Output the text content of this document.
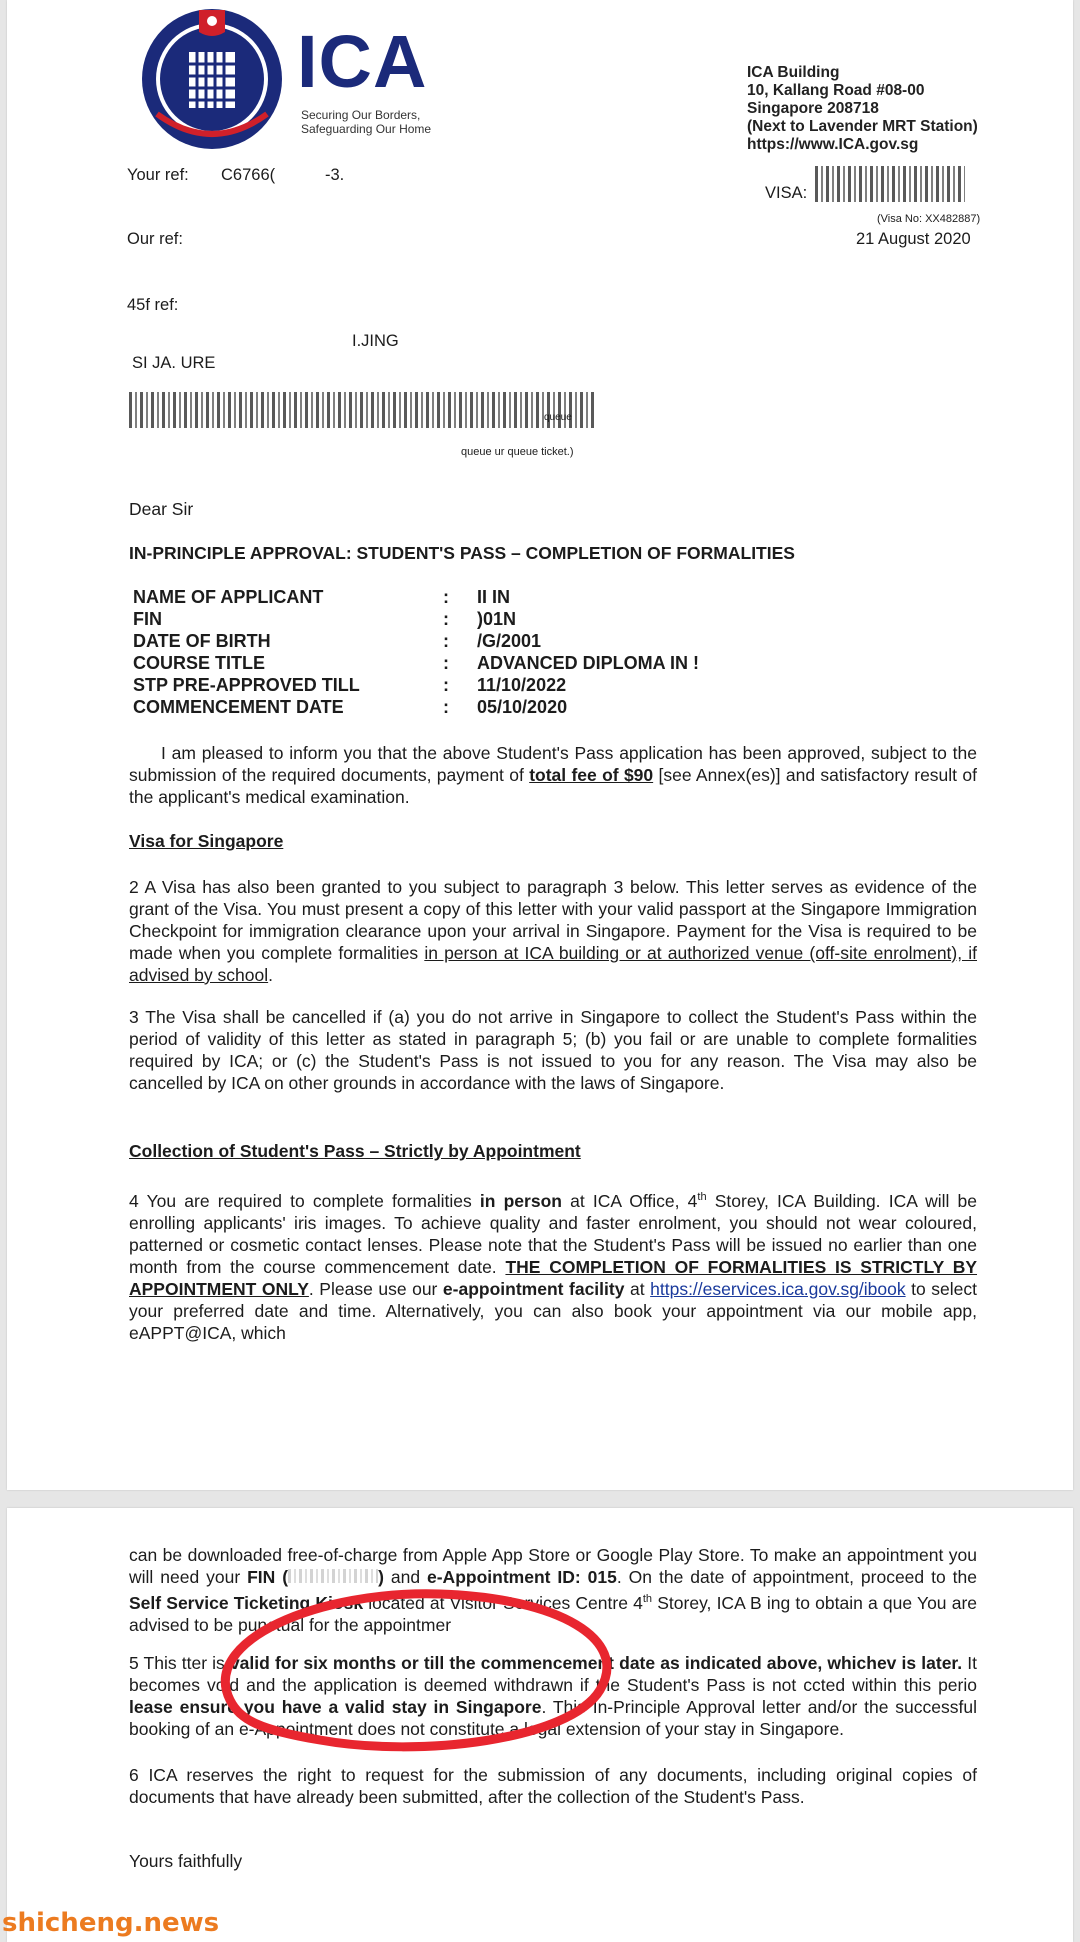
ICA
Securing Our Borders,
Safeguarding Our Home
ICA Building
10, Kallang Road #08-00
Singapore 208718
(Next to Lavender MRT Station)
https://www.ICA.gov.sg
Your ref: C6766(	-3.
VISA:
(Visa No: XX482887)
21 August 2020
Our ref:
45f ref:
I.JING
SI JA. URE
queue
queue ur queue ticket.)
Dear Sir
IN-PRINCIPLE APPROVAL: STUDENT'S PASS – COMPLETION OF FORMALITIES
NAME OF APPLICANT	:	II IN
FIN	:	)01N
DATE OF BIRTH	:	/G/2001
COURSE TITLE	:	ADVANCED DIPLOMA IN !
STP PRE-APPROVED TILL	:	11/10/2022
COMMENCEMENT DATE	:	05/10/2020
I am pleased to inform you that the above Student's Pass application has been approved, subject to the submission of the required documents, payment of total fee of $90 [see Annex(es)] and satisfactory result of the applicant's medical examination.
Visa for Singapore
2 A Visa has also been granted to you subject to paragraph 3 below. This letter serves as evidence of the grant of the Visa. You must present a copy of this letter with your valid passport at the Singapore Immigration Checkpoint for immigration clearance upon your arrival in Singapore. Payment for the Visa is required to be made when you complete formalities in person at ICA building or at authorized venue (off-site enrolment), if advised by school.
3 The Visa shall be cancelled if (a) you do not arrive in Singapore to collect the Student's Pass within the period of validity of this letter as stated in paragraph 5; (b) you fail or are unable to complete formalities required by ICA; or (c) the Student's Pass is not issued to you for any reason. The Visa may also be cancelled by ICA on other grounds in accordance with the laws of Singapore.
Collection of Student's Pass – Strictly by Appointment
4 You are required to complete formalities in person at ICA Office, 4th Storey, ICA Building. ICA will be enrolling applicants' iris images. To achieve quality and faster enrolment, you should not wear coloured, patterned or cosmetic contact lenses. Please note that the Student's Pass will be issued no earlier than one month from the course commencement date. THE COMPLETION OF FORMALITIES IS STRICTLY BY APPOINTMENT ONLY. Please use our e-appointment facility at https://eservices.ica.gov.sg/ibook to select your preferred date and time. Alternatively, you can also book your appointment via our mobile app, eAPPT@ICA, which
can be downloaded free-of-charge from Apple App Store or Google Play Store. To make an appointment you will need your FIN (	) and e-Appointment ID: 015. On the date of appointment, proceed to the Self Service Ticketing Kiosk located at Visitor Services Centre 4th Storey, ICA B ing to obtain a que You are advised to be punctual for the appointmer
5 This tter is valid for six months or till the commencement date as indicated above, whichev is later. It becomes void and the application is deemed withdrawn if the Student's Pass is not ccted within this perio lease ensure you have a valid stay in Singapore. This In-Principle Approval letter and/or the successful booking of an e-Appointment does not constitute a legal extension of your stay in Singapore.
6 ICA reserves the right to request for the submission of any documents, including original copies of documents that have already been submitted, after the collection of the Student's Pass.
Yours faithfully
shicheng.news
